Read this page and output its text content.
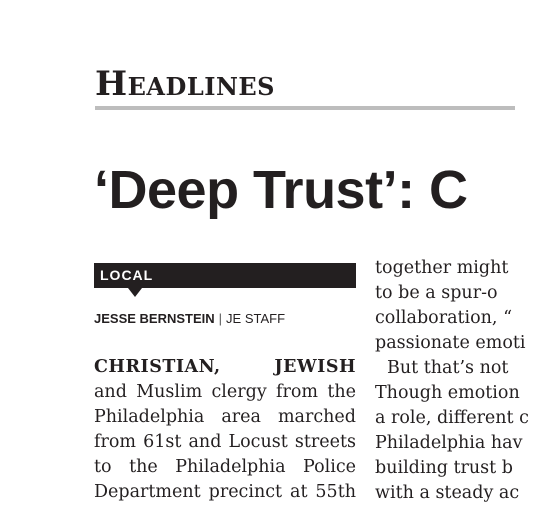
Headlines
‘Deep Trust’: C
LOCAL
JESSE BERNSTEIN | JE STAFF

CHRISTIAN, JEWISH

and Muslim clergy from the

Philadelphia area marched

from 61st and Locust streets

to the Philadelphia Police

Department precinct at 55th

together might

to be a spur-o

collaboration, “

passionate emoti

But that’s not

Though emotion

a role, different c

Philadelphia hav

building trust b

with a steady ac
